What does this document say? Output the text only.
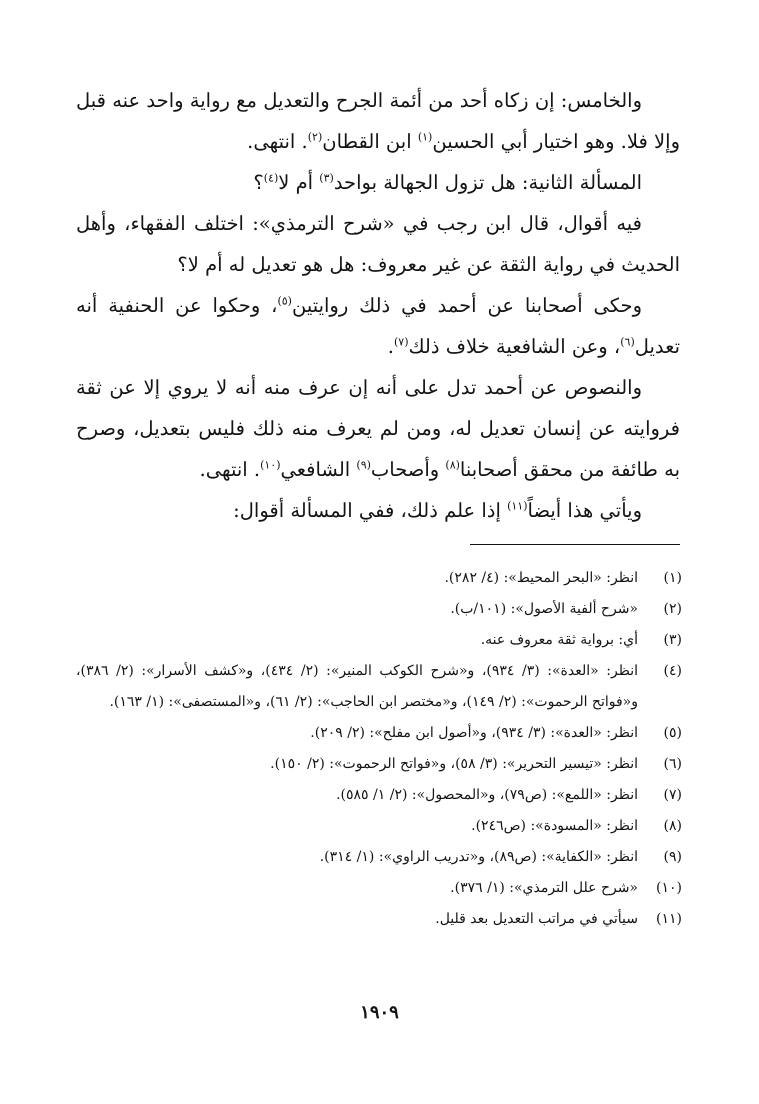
والخامس: إن زكاه أحد من أئمة الجرح والتعديل مع رواية واحد عنه قبل وإلا فلا. وهو اختيار أبي الحسين$^{(١)}$ ابن القطان$^{(٢)}$. انتهى.

المسألة الثانية: هل تزول الجهالة بواحد$^{(٣)}$ أم لا$^{(٤)}$؟

فيه أقوال، قال ابن رجب في «شرح الترمذي»: اختلف الفقهاء، وأهل الحديث في رواية الثقة عن غير معروف: هل هو تعديل له أم لا؟

وحكى أصحابنا عن أحمد في ذلك روايتين$^{(٥)}$، وحكوا عن الحنفية أنه تعديل$^{(٦)}$، وعن الشافعية خلاف ذلك$^{(٧)}$.

والنصوص عن أحمد تدل على أنه إن عرف منه أنه لا يروي إلا عن ثقة فروايته عن إنسان تعديل له، ومن لم يعرف منه ذلك فليس بتعديل، وصرح به طائفة من محقق أصحابنا$^{(٨)}$ وأصحاب$^{(٩)}$ الشافعي$^{(١٠)}$. انتهى.

ويأتي هذا أيضاً$^{(١١)}$ إذا علم ذلك، ففي المسألة أقوال:

(١)
انظر: «البحر المحيط»: (٤/ ٢٨٢).
(٢)
«شرح ألفية الأصول»: (١٠١/ب).
(٣)
أي: برواية ثقة معروف عنه.
(٤)
انظر: «العدة»: (٣/ ٩٣٤)، و«شرح الكوكب المنير»: (٢/ ٤٣٤)، و«كشف الأسرار»: (٢/ ٣٨٦)، و«فواتح الرحموت»: (٢/ ١٤٩)، و«مختصر ابن الحاجب»: (٢/ ٦١)، و«المستصفى»: (١/ ١٦٣).
(٥)
انظر: «العدة»: (٣/ ٩٣٤)، و«أصول ابن مفلح»: (٢/ ٢٠٩).
(٦)
انظر: «تيسير التحرير»: (٣/ ٥٨)، و«فواتح الرحموت»: (٢/ ١٥٠).
(٧)
انظر: «اللمع»: (ص٧٩)، و«المحصول»: (٢/ ١/ ٥٨٥).
(٨)
انظر: «المسودة»: (ص٢٤٦).
(٩)
انظر: «الكفاية»: (ص٨٩)، و«تدريب الراوي»: (١/ ٣١٤).
(١٠)
«شرح علل الترمذي»: (١/ ٣٧٦).
(١١)
سيأتي في مراتب التعديل بعد قليل.
١٩٠٩
